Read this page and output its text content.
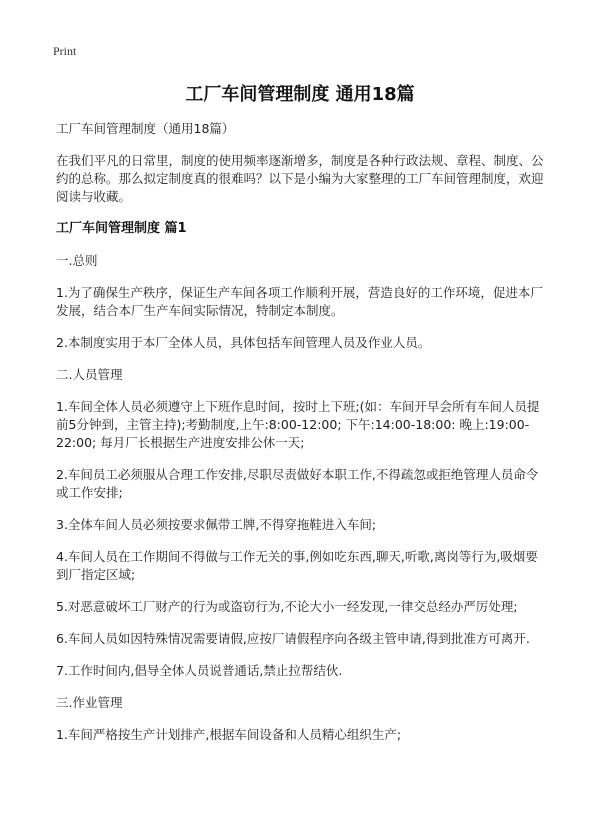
Print
工厂车间管理制度 通用18篇

工厂车间管理制度（通用18篇）

在我们平凡的日常里，制度的使用频率逐渐增多，制度是各种行政法规、章程、制度、公约的总称。那么拟定制度真的很难吗？以下是小编为大家整理的工厂车间管理制度，欢迎阅读与收藏。

工厂车间管理制度 篇1

一.总则

1.为了确保生产秩序，保证生产车间各项工作顺利开展，营造良好的工作环境，促进本厂发展，结合本厂生产车间实际情况，特制定本制度。

2.本制度实用于本厂全体人员，具体包括车间管理人员及作业人员。

二.人员管理

1.车间全体人员必须遵守上下班作息时间，按时上下班;(如：车间开早会所有车间人员提前5分钟到，主管主持);考勤制度,上午:8:00-12:00; 下午:14:00-18:00: 晚上:19:00-22:00; 每月厂长根据生产进度安排公休一天;

2.车间员工必须服从合理工作安排,尽职尽责做好本职工作,不得疏忽或拒绝管理人员命令或工作安排;

3.全体车间人员必须按要求佩带工牌,不得穿拖鞋进入车间;

4.车间人员在工作期间不得做与工作无关的事,例如吃东西,聊天,听歌,离岗等行为,吸烟要到厂指定区域;

5.对恶意破坏工厂财产的行为或盗窃行为,不论大小一经发现,一律交总经办严厉处理;

6.车间人员如因特殊情况需要请假,应按厂请假程序向各级主管申请,得到批准方可离开.

7.工作时间内,倡导全体人员说普通话,禁止拉帮结伙.

三.作业管理

1.车间严格按生产计划排产,根据车间设备和人员精心组织生产;
